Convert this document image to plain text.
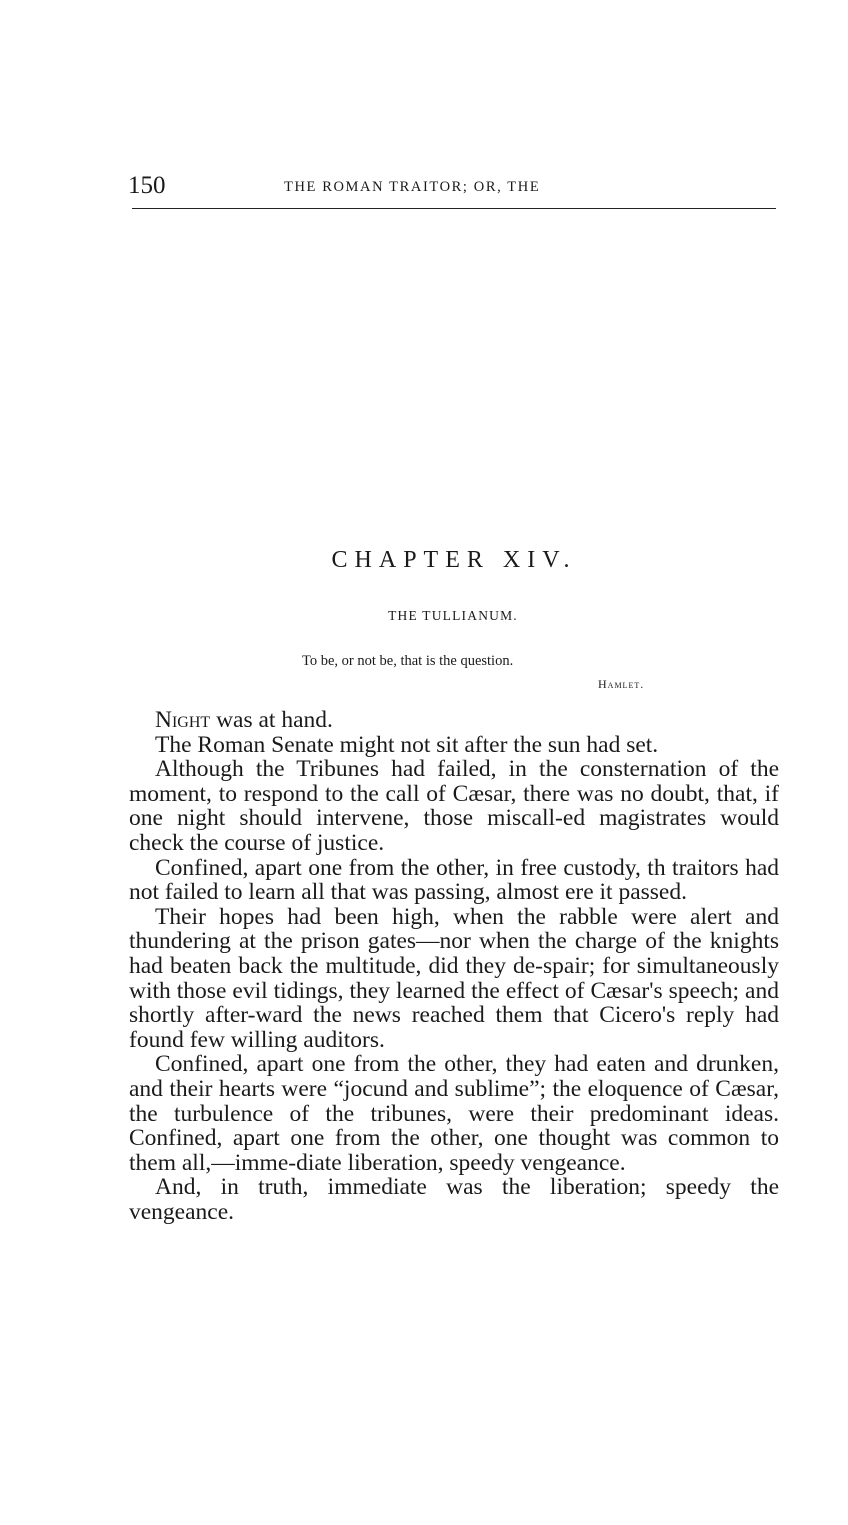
150	THE ROMAN TRAITOR; OR, THE
CHAPTER XIV.
THE TULLIANUM.
To be, or not be, that is the question.
Hamlet.

Night was at hand.

The Roman Senate might not sit after the sun had set.

Although the Tribunes had failed, in the consternation of the moment, to respond to the call of Cæsar, there was no doubt, that, if one night should intervene, those miscall-ed magistrates would check the course of justice.

Confined, apart one from the other, in free custody, th traitors had not failed to learn all that was passing, almost ere it passed.

Their hopes had been high, when the rabble were alert and thundering at the prison gates—nor when the charge of the knights had beaten back the multitude, did they de-spair; for simultaneously with those evil tidings, they learned the effect of Cæsar's speech; and shortly after-ward the news reached them that Cicero's reply had found few willing auditors.

Confined, apart one from the other, they had eaten and drunken, and their hearts were “jocund and sublime”; the eloquence of Cæsar, the turbulence of the tribunes, were their predominant ideas. Confined, apart one from the other, one thought was common to them all,—imme-diate liberation, speedy vengeance.

And, in truth, immediate was the liberation; speedy the vengeance.
